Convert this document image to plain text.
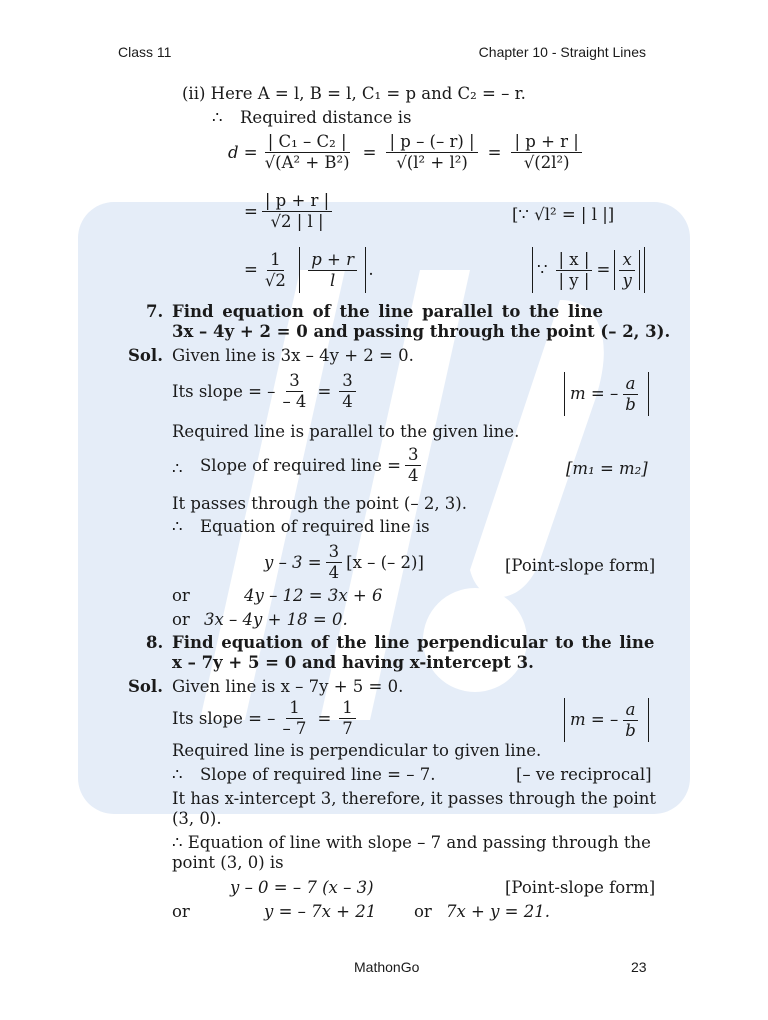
Class 11	Chapter 10 - Straight Lines
(ii) Here A = l, B = l, C₁ = p and C₂ = – r.
∴ Required distance is
$d = \frac{\text{| C₁ – C₂ |}}{\text{√(A² + B²)}} = \frac{| p - (- r) |}{\text{√(l² + l²)}} = \frac{| p + r |}{\text{√(2l²)}}$
= $\frac{| p + r |}{√2 | l |}$	[∵ √l² = | l |]
= $\frac{1}{√2} \frac{p + r}{l}$ .	∵ $\frac{| x |}{| y |} = \frac{x}{y}$
7. Find equation of the line parallel to the line
3x – 4y + 2 = 0 and passing through the point (– 2, 3).
Sol. Given line is 3x – 4y + 2 = 0.
Its slope = – $\frac{3}{- 4} = \frac{3}{4}$	m = – $\frac{a}{b}$
Required line is parallel to the given line.
∴ Slope of required line = $\frac{3}{4}$	[m₁ = m₂]
It passes through the point (– 2, 3).
∴ Equation of required line is
$y - 3 = \frac{3}{4} [x$ – (– 2)]	[Point-slope form]
or	4y – 12 = 3x + 6
or 3x – 4y + 18 = 0.
8. Find equation of the line perpendicular to the line
x – 7y + 5 = 0 and having x-intercept 3.
Sol. Given line is x – 7y + 5 = 0.
Its slope = – $\frac{1}{- 7} = \frac{1}{7}$	m = – $\frac{a}{b}$
Required line is perpendicular to given line.
∴ Slope of required line = – 7.	[– ve reciprocal]
It has x-intercept 3, therefore, it passes through the point
(3, 0).
∴ Equation of line with slope – 7 and passing through the
point (3, 0) is
y – 0 = – 7 (x – 3)	[Point-slope form]
or	y = – 7x + 21 or 7x + y = 21.
MathonGo	23
